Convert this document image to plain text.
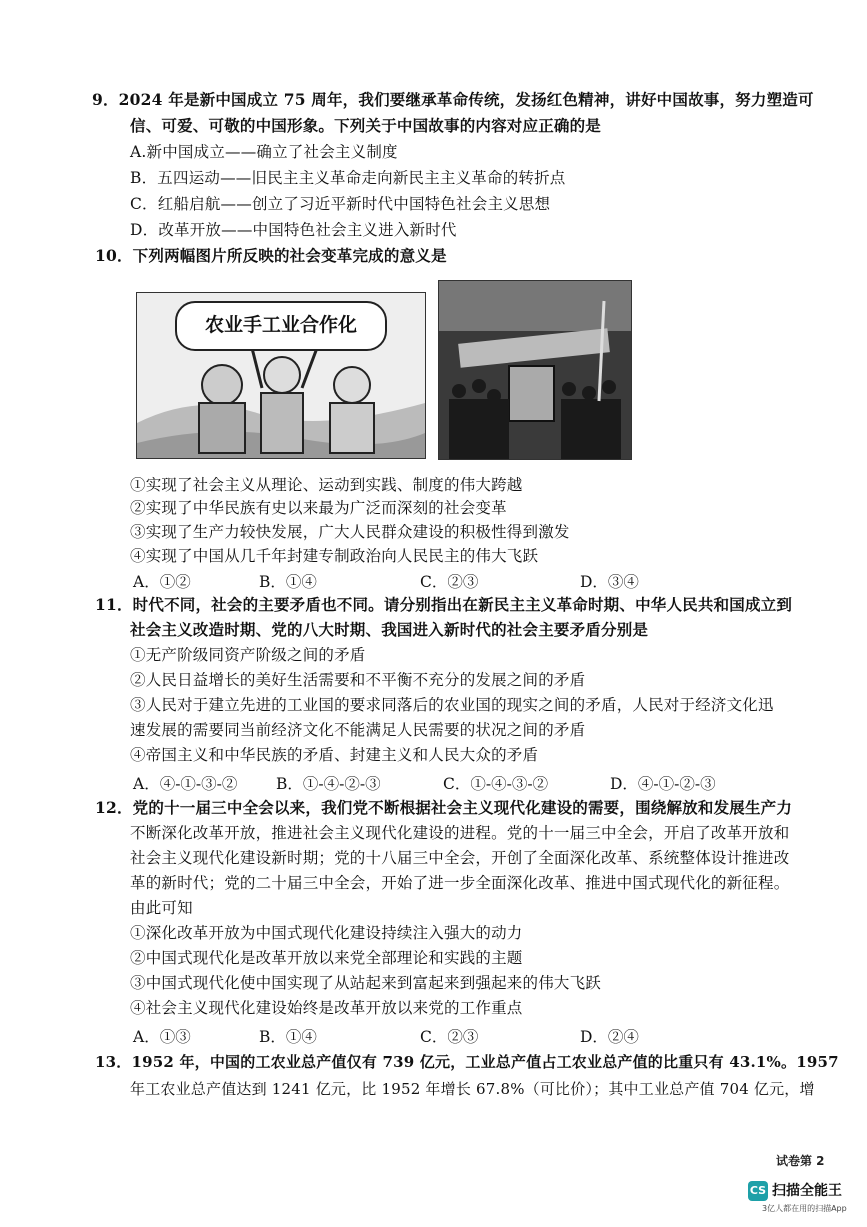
9．2024 年是新中国成立 75 周年，我们要继承革命传统，发扬红色精神，讲好中国故事，努力塑造可
信、可爱、可敬的中国形象。下列关于中国故事的内容对应正确的是
A.新中国成立——确立了社会主义制度
B．五四运动——旧民主主义革命走向新民主主义革命的转折点
C．红船启航——创立了习近平新时代中国特色社会主义思想
D．改革开放——中国特色社会主义进入新时代
10．下列两幅图片所反映的社会变革完成的意义是
农业手工业合作化
①实现了社会主义从理论、运动到实践、制度的伟大跨越
②实现了中华民族有史以来最为广泛而深刻的社会变革
③实现了生产力较快发展，广大人民群众建设的积极性得到激发
④实现了中国从几千年封建专制政治向人民民主的伟大飞跃
A．①②	B．①④	C．②③	D．③④
11．时代不同，社会的主要矛盾也不同。请分别指出在新民主主义革命时期、中华人民共和国成立到
社会主义改造时期、党的八大时期、我国进入新时代的社会主要矛盾分别是
①无产阶级同资产阶级之间的矛盾
②人民日益增长的美好生活需要和不平衡不充分的发展之间的矛盾
③人民对于建立先进的工业国的要求同落后的农业国的现实之间的矛盾，人民对于经济文化迅
速发展的需要同当前经济文化不能满足人民需要的状况之间的矛盾
④帝国主义和中华民族的矛盾、封建主义和人民大众的矛盾
A．④-①-③-② B．①-④-②-③	C．①-④-③-②	D．④-①-②-③
12．党的十一届三中全会以来，我们党不断根据社会主义现代化建设的需要，围绕解放和发展生产力
不断深化改革开放，推进社会主义现代化建设的进程。党的十一届三中全会，开启了改革开放和
社会主义现代化建设新时期；党的十八届三中全会，开创了全面深化改革、系统整体设计推进改
革的新时代；党的二十届三中全会，开始了进一步全面深化改革、推进中国式现代化的新征程。
由此可知
①深化改革开放为中国式现代化建设持续注入强大的动力
②中国式现代化是改革开放以来党全部理论和实践的主题
③中国式现代化使中国实现了从站起来到富起来到强起来的伟大飞跃
④社会主义现代化建设始终是改革开放以来党的工作重点
A．①③	B．①④	C．②③	D．②④
13．1952 年，中国的工农业总产值仅有 739 亿元，工业总产值占工农业总产值的比重只有 43.1%。1957
年工农业总产值达到 1241 亿元，比 1952 年增长 67.8%（可比价）；其中工业总产值 704 亿元，增
试卷第 2
CS 扫描全能王
3亿人都在用的扫描App
